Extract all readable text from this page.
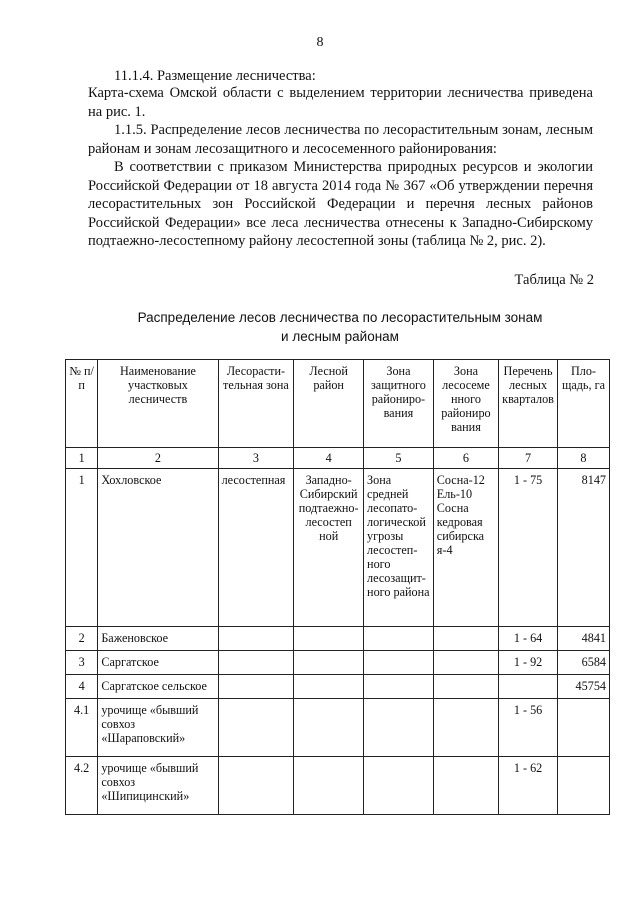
8
11.1.4. Размещение лесничества:
Карта-схема Омской области с выделением территории лесничества приведена на рис. 1.
1.1.5. Распределение лесов лесничества по лесорастительным зонам, лесным районам и зонам лесозащитного и лесосеменного районирования:
В соответствии с приказом Министерства природных ресурсов и экологии Российской Федерации от 18 августа 2014 года № 367 «Об утверждении перечня лесорастительных зон Российской Федерации и перечня лесных районов Российской Федерации» все леса лесничества отнесены к Западно-Сибирскому подтаежно-лесостепному району лесостепной зоны (таблица № 2, рис. 2).
Таблица № 2
Распределение лесов лесничества по лесорастительным зонам
и лесным районам
№ п/п	Наименование участковых лесничеств	Лесорасти-тельная зона	Лесной район	Зона защитного райониро-вания	Зона лесосеме нного райониро вания	Перечень лесных кварталов	Пло-щадь, га
1	2	3	4	5	6	7	8
1	Хохловское	лесостепная	Западно-Сибирский подтаежно-лесостеп ной	Зона средней лесопато-логической угрозы лесостеп-ного лесозащит-ного района	Сосна-12 Ель-10 Сосна кедровая сибирска я-4	1 - 75	8147
2	Баженовское					1 - 64	4841
3	Саргатское					1 - 92	6584
4	Саргатское сельское						45754
4.1	урочище «бывший совхоз «Шараповский»					1 - 56	
4.2	урочище «бывший совхоз «Шипицинский»					1 - 62	
